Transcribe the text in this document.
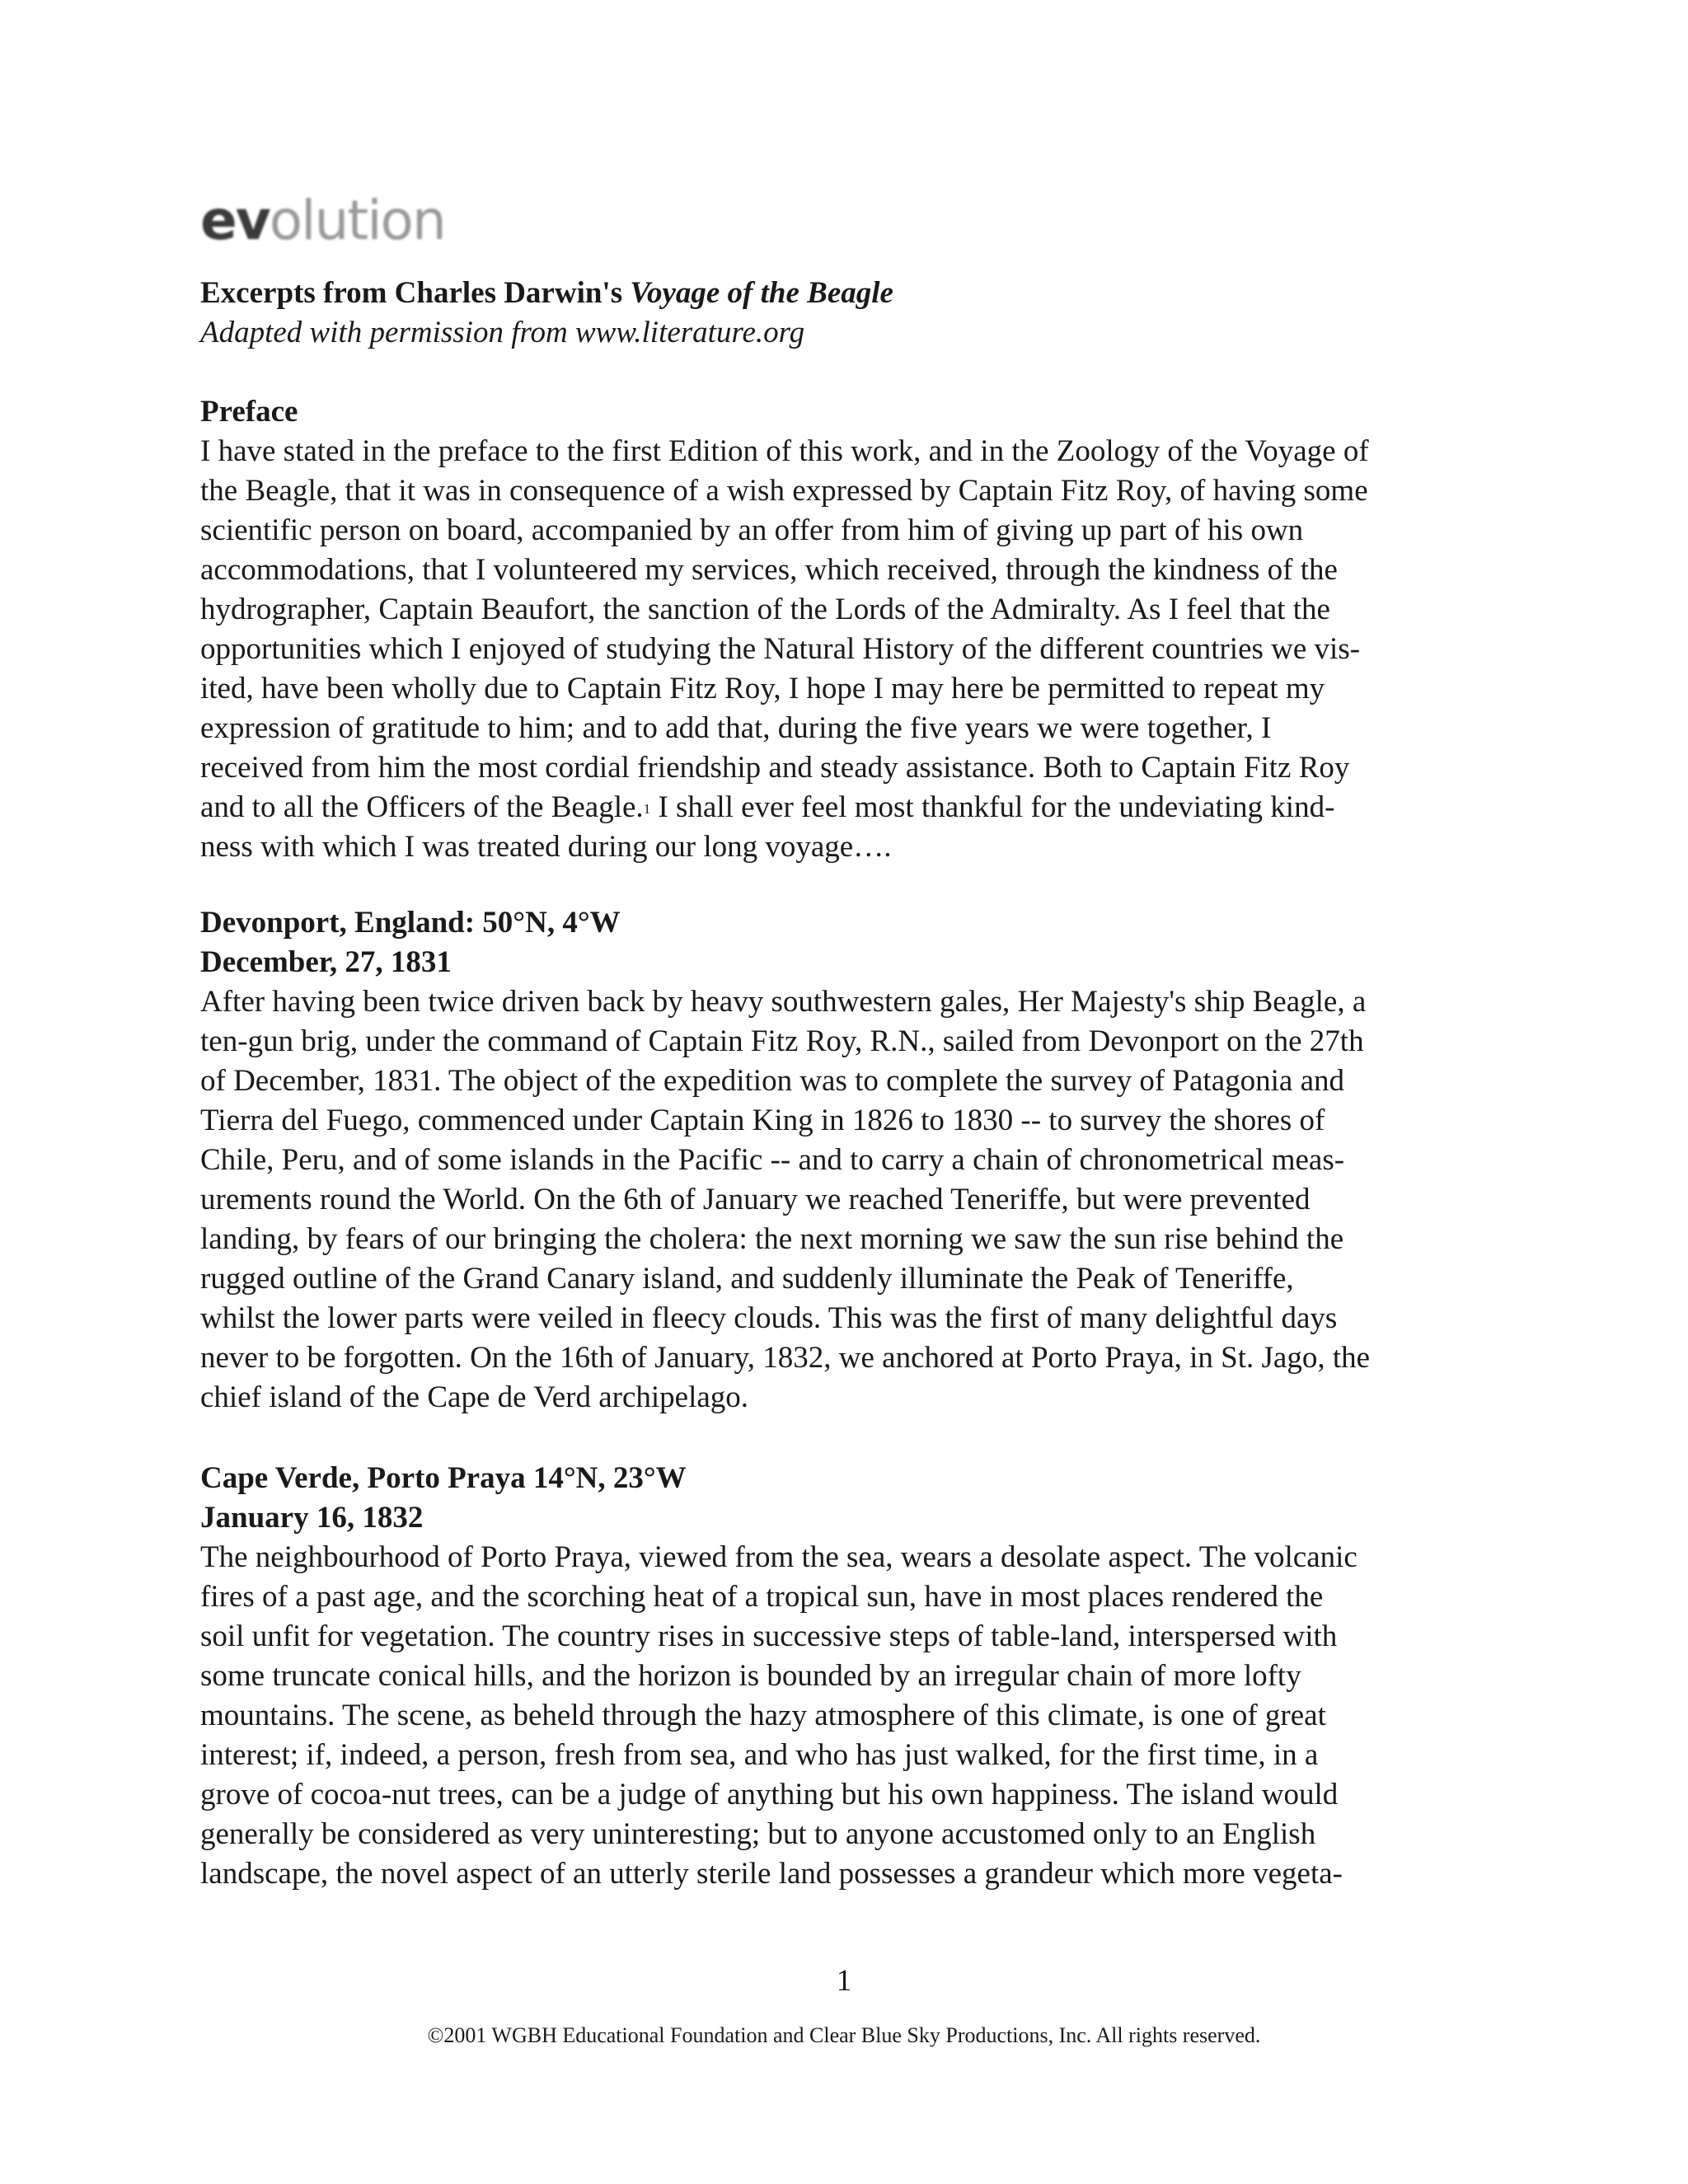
evolution
Excerpts from Charles Darwin's Voyage of the Beagle
Adapted with permission from www.literature.org
Preface
I have stated in the preface to the first Edition of this work, and in the Zoology of the Voyage of
the Beagle, that it was in consequence of a wish expressed by Captain Fitz Roy, of having some
scientific person on board, accompanied by an offer from him of giving up part of his own
accommodations, that I volunteered my services, which received, through the kindness of the
hydrographer, Captain Beaufort, the sanction of the Lords of the Admiralty. As I feel that the
opportunities which I enjoyed of studying the Natural History of the different countries we vis-
ited, have been wholly due to Captain Fitz Roy, I hope I may here be permitted to repeat my
expression of gratitude to him; and to add that, during the five years we were together, I
received from him the most cordial friendship and steady assistance. Both to Captain Fitz Roy
and to all the Officers of the Beagle.$^1$ I shall ever feel most thankful for the undeviating kind-
ness with which I was treated during our long voyage….
Devonport, England: 50°N, 4°W
December, 27, 1831
After having been twice driven back by heavy southwestern gales, Her Majesty's ship Beagle, a
ten-gun brig, under the command of Captain Fitz Roy, R.N., sailed from Devonport on the 27th
of December, 1831. The object of the expedition was to complete the survey of Patagonia and
Tierra del Fuego, commenced under Captain King in 1826 to 1830 -- to survey the shores of
Chile, Peru, and of some islands in the Pacific -- and to carry a chain of chronometrical meas-
urements round the World. On the 6th of January we reached Teneriffe, but were prevented
landing, by fears of our bringing the cholera: the next morning we saw the sun rise behind the
rugged outline of the Grand Canary island, and suddenly illuminate the Peak of Teneriffe,
whilst the lower parts were veiled in fleecy clouds. This was the first of many delightful days
never to be forgotten. On the 16th of January, 1832, we anchored at Porto Praya, in St. Jago, the
chief island of the Cape de Verd archipelago.
Cape Verde, Porto Praya 14°N, 23°W
January 16, 1832
The neighbourhood of Porto Praya, viewed from the sea, wears a desolate aspect. The volcanic
fires of a past age, and the scorching heat of a tropical sun, have in most places rendered the
soil unfit for vegetation. The country rises in successive steps of table-land, interspersed with
some truncate conical hills, and the horizon is bounded by an irregular chain of more lofty
mountains. The scene, as beheld through the hazy atmosphere of this climate, is one of great
interest; if, indeed, a person, fresh from sea, and who has just walked, for the first time, in a
grove of cocoa-nut trees, can be a judge of anything but his own happiness. The island would
generally be considered as very uninteresting; but to anyone accustomed only to an English
landscape, the novel aspect of an utterly sterile land possesses a grandeur which more vegeta-
1
©2001 WGBH Educational Foundation and Clear Blue Sky Productions, Inc. All rights reserved.
